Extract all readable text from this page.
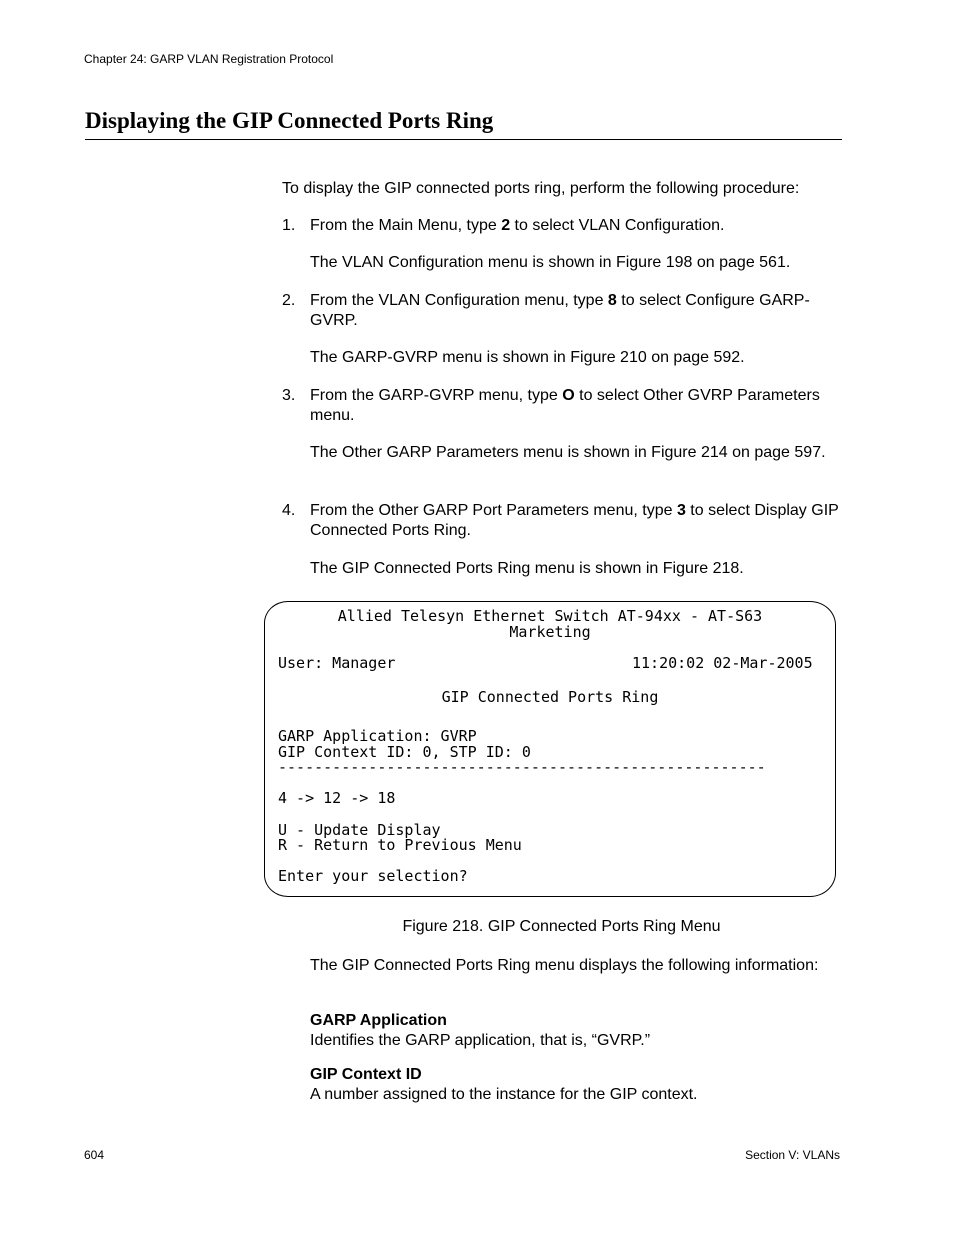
Chapter 24: GARP VLAN Registration Protocol
Displaying the GIP Connected Ports Ring
To display the GIP connected ports ring, perform the following procedure:
1. From the Main Menu, type 2 to select VLAN Configuration.
The VLAN Configuration menu is shown in Figure 198 on page 561.
2. From the VLAN Configuration menu, type 8 to select Configure GARP-GVRP.
The GARP-GVRP menu is shown in Figure 210 on page 592.
3. From the GARP-GVRP menu, type O to select Other GVRP Parameters menu.
The Other GARP Parameters menu is shown in Figure 214 on page 597.
4. From the Other GARP Port Parameters menu, type 3 to select Display GIP Connected Ports Ring.
The GIP Connected Ports Ring menu is shown in Figure 218.
Allied Telesyn Ethernet Switch AT-94xx - AT-S63
Marketing
User: Manager	11:20:02 02-Mar-2005
GIP Connected Ports Ring
GARP Application: GVRP
GIP Context ID: 0, STP ID: 0
------------------------------------------------------
4 -> 12 -> 18
U - Update Display
R - Return to Previous Menu
Enter your selection?
Figure 218. GIP Connected Ports Ring Menu
The GIP Connected Ports Ring menu displays the following information:
GARP Application
Identifies the GARP application, that is, “GVRP.”
GIP Context ID
A number assigned to the instance for the GIP context.
604	Section V: VLANs
